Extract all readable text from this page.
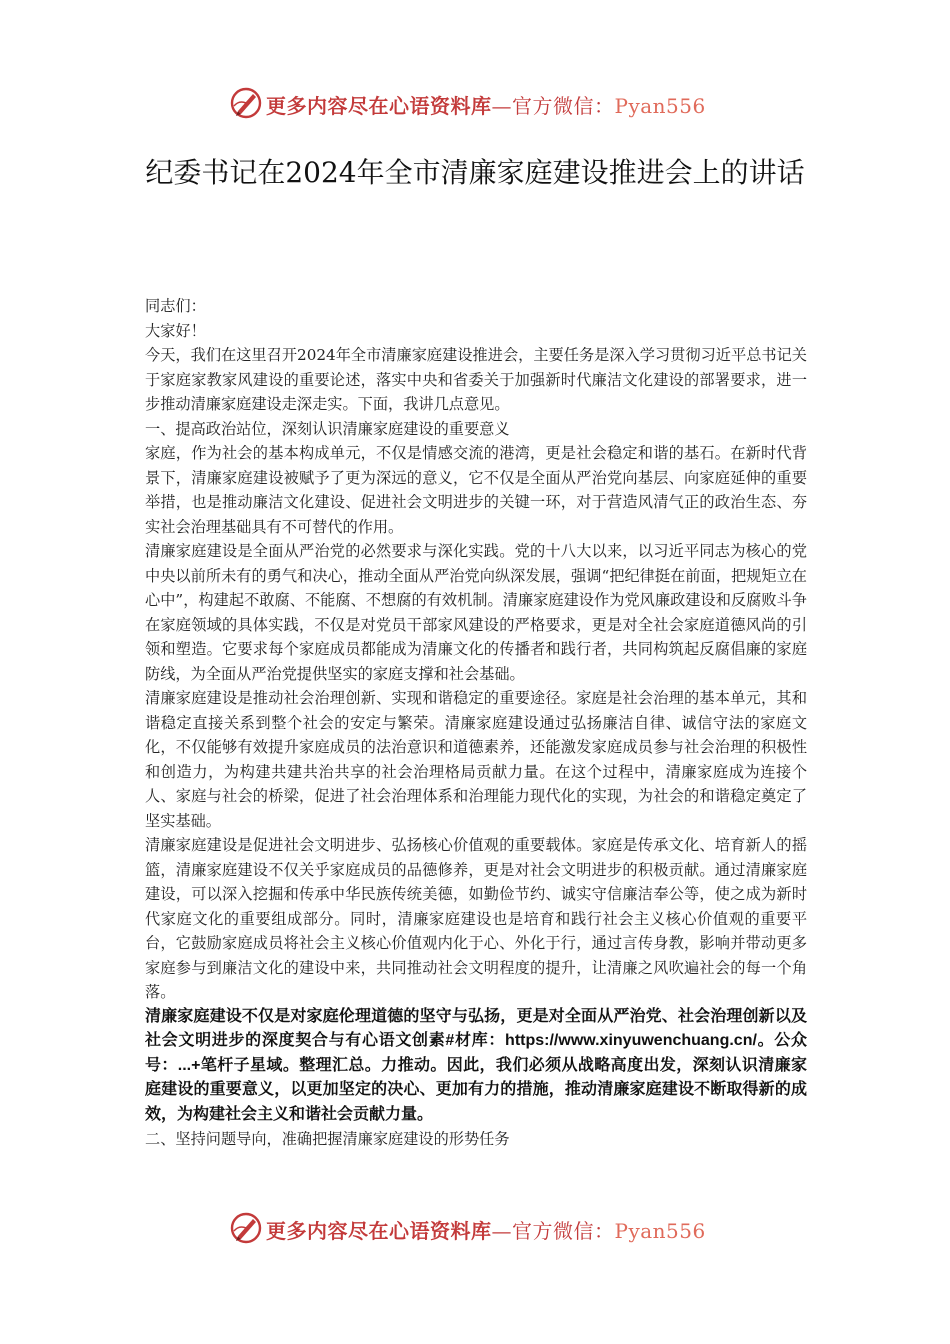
更多内容尽在心语资料库—官方微信：Pyan556
纪委书记在2024年全市清廉家庭建设推进会上的讲话

同志们：

大家好！

今天，我们在这里召开2024年全市清廉家庭建设推进会，主要任务是深入学习贯彻习近平总书记关于家庭家教家风建设的重要论述，落实中央和省委关于加强新时代廉洁文化建设的部署要求，进一步推动清廉家庭建设走深走实。下面，我讲几点意见。

一、提高政治站位，深刻认识清廉家庭建设的重要意义

家庭，作为社会的基本构成单元，不仅是情感交流的港湾，更是社会稳定和谐的基石。在新时代背景下，清廉家庭建设被赋予了更为深远的意义，它不仅是全面从严治党向基层、向家庭延伸的重要举措，也是推动廉洁文化建设、促进社会文明进步的关键一环，对于营造风清气正的政治生态、夯实社会治理基础具有不可替代的作用。

清廉家庭建设是全面从严治党的必然要求与深化实践。党的十八大以来，以习近平同志为核心的党中央以前所未有的勇气和决心，推动全面从严治党向纵深发展，强调“把纪律挺在前面，把规矩立在心中”，构建起不敢腐、不能腐、不想腐的有效机制。清廉家庭建设作为党风廉政建设和反腐败斗争在家庭领域的具体实践，不仅是对党员干部家风建设的严格要求，更是对全社会家庭道德风尚的引领和塑造。它要求每个家庭成员都能成为清廉文化的传播者和践行者，共同构筑起反腐倡廉的家庭防线，为全面从严治党提供坚实的家庭支撑和社会基础。

清廉家庭建设是推动社会治理创新、实现和谐稳定的重要途径。家庭是社会治理的基本单元，其和谐稳定直接关系到整个社会的安定与繁荣。清廉家庭建设通过弘扬廉洁自律、诚信守法的家庭文化，不仅能够有效提升家庭成员的法治意识和道德素养，还能激发家庭成员参与社会治理的积极性和创造力，为构建共建共治共享的社会治理格局贡献力量。在这个过程中，清廉家庭成为连接个人、家庭与社会的桥梁，促进了社会治理体系和治理能力现代化的实现，为社会的和谐稳定奠定了坚实基础。

清廉家庭建设是促进社会文明进步、弘扬核心价值观的重要载体。家庭是传承文化、培育新人的摇篮，清廉家庭建设不仅关乎家庭成员的品德修养，更是对社会文明进步的积极贡献。通过清廉家庭建设，可以深入挖掘和传承中华民族传统美德，如勤俭节约、诚实守信廉洁奉公等，使之成为新时代家庭文化的重要组成部分。同时，清廉家庭建设也是培育和践行社会主义核心价值观的重要平台，它鼓励家庭成员将社会主义核心价值观内化于心、外化于行，通过言传身教，影响并带动更多家庭参与到廉洁文化的建设中来，共同推动社会文明程度的提升，让清廉之风吹遍社会的每一个角落。

清廉家庭建设不仅是对家庭伦理道德的坚守与弘扬，更是对全面从严治党、社会治理创新以及社会文明进步的深度契合与有心语文创素#材库：https://www.xinyuwenchuang.cn/。公众号：...+笔杆子星域。整理汇总。力推动。因此，我们必须从战略高度出发，深刻认识清廉家庭建设的重要意义，以更加坚定的决心、更加有力的措施，推动清廉家庭建设不断取得新的成效，为构建社会主义和谐社会贡献力量。

二、坚持问题导向，准确把握清廉家庭建设的形势任务

更多内容尽在心语资料库—官方微信：Pyan556
